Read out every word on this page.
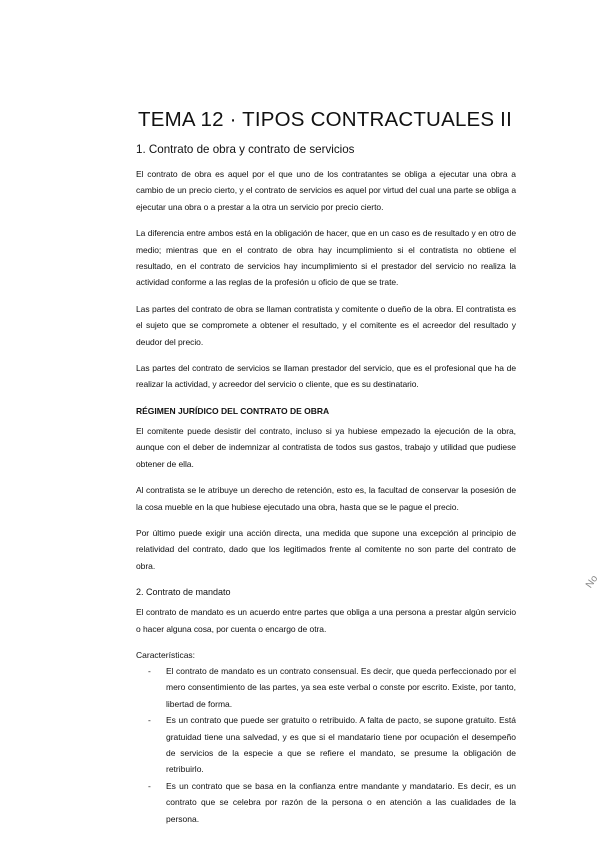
TEMA 12 · TIPOS CONTRACTUALES II
1. Contrato de obra y contrato de servicios

El contrato de obra es aquel por el que uno de los contratantes se obliga a ejecutar una obra a cambio de un precio cierto, y el contrato de servicios es aquel por virtud del cual una parte se obliga a ejecutar una obra o a prestar a la otra un servicio por precio cierto.

La diferencia entre ambos está en la obligación de hacer, que en un caso es de resultado y en otro de medio; mientras que en el contrato de obra hay incumplimiento si el contratista no obtiene el resultado, en el contrato de servicios hay incumplimiento si el prestador del servicio no realiza la actividad conforme a las reglas de la profesión u oficio de que se trate.

Las partes del contrato de obra se llaman contratista y comitente o dueño de la obra. El contratista es el sujeto que se compromete a obtener el resultado, y el comitente es el acreedor del resultado y deudor del precio.

Las partes del contrato de servicios se llaman prestador del servicio, que es el profesional que ha de realizar la actividad, y acreedor del servicio o cliente, que es su destinatario.

RÉGIMEN JURÍDICO DEL CONTRATO DE OBRA

El comitente puede desistir del contrato, incluso si ya hubiese empezado la ejecución de la obra, aunque con el deber de indemnizar al contratista de todos sus gastos, trabajo y utilidad que pudiese obtener de ella.

Al contratista se le atribuye un derecho de retención, esto es, la facultad de conservar la posesión de la cosa mueble en la que hubiese ejecutado una obra, hasta que se le pague el precio.

Por último puede exigir una acción directa, una medida que supone una excepción al principio de relatividad del contrato, dado que los legitimados frente al comitente no son parte del contrato de obra.

2. Contrato de mandato

El contrato de mandato es un acuerdo entre partes que obliga a una persona a prestar algún servicio o hacer alguna cosa, por cuenta o encargo de otra.

Características:
- El contrato de mandato es un contrato consensual. Es decir, que queda perfeccionado por el mero consentimiento de las partes, ya sea este verbal o conste por escrito. Existe, por tanto, libertad de forma.
- Es un contrato que puede ser gratuito o retribuido. A falta de pacto, se supone gratuito. Está gratuidad tiene una salvedad, y es que si el mandatario tiene por ocupación el desempeño de servicios de la especie a que se refiere el mandato, se presume la obligación de retribuirlo.
- Es un contrato que se basa en la confianza entre mandante y mandatario. Es decir, es un contrato que se celebra por razón de la persona o en atención a las cualidades de la persona.
No
